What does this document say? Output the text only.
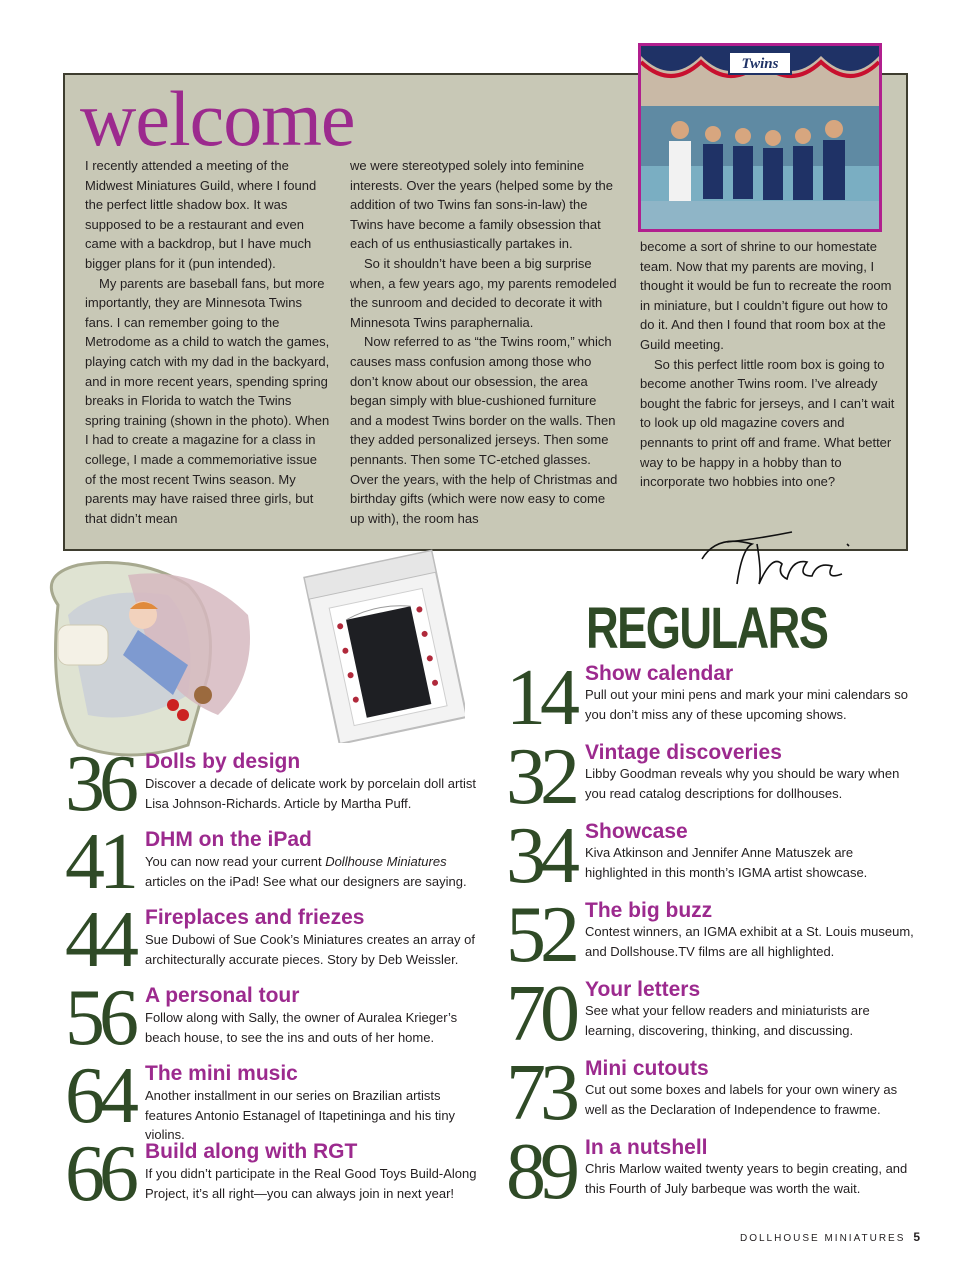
welcome

I recently attended a meeting of the Midwest Miniatures Guild, where I found the perfect little shadow box. It was supposed to be a restaurant and even came with a backdrop, but I have much bigger plans for it (pun intended).

My parents are baseball fans, but more importantly, they are Minnesota Twins fans. I can remember going to the Metrodome as a child to watch the games, playing catch with my dad in the backyard, and in more recent years, spending spring breaks in Florida to watch the Twins spring training (shown in the photo). When I had to create a magazine for a class in college, I made a commemoriative issue of the most recent Twins season. My parents may have raised three girls, but that didn’t mean

we were stereotyped solely into feminine interests. Over the years (helped some by the addition of two Twins fan sons-in-law) the Twins have become a family obsession that each of us enthusiastically partakes in.

So it shouldn’t have been a big surprise when, a few years ago, my parents remodeled the sunroom and decided to decorate it with Minnesota Twins paraphernalia.

Now referred to as “the Twins room,” which causes mass confusion among those who don’t know about our obsession, the area began simply with blue-cushioned furniture and a modest Twins border on the walls. Then they added personalized jerseys. Then some pennants. Then some TC-etched glasses. Over the years, with the help of Christmas and birthday gifts (which were now easy to come up with), the room has

become a sort of shrine to our homestate team. Now that my parents are moving, I thought it would be fun to recreate the room in miniature, but I couldn’t figure out how to do it. And then I found that room box at the Guild meeting.

So this perfect little room box is going to become another Twins room. I’ve already bought the fabric for jerseys, and I can’t wait to look up old magazine covers and pennants to print off and frame. What better way to be happy in a hobby than to incorporate two hobbies into one?

Twins
36 Dolls by design
Discover a decade of delicate work by porcelain doll artist Lisa Johnson-Richards. Article by Martha Puff.
41 DHM on the iPad
You can now read your current Dollhouse Miniatures articles on the iPad! See what our designers are saying.
44 Fireplaces and friezes
Sue Dubowi of Sue Cook’s Miniatures creates an array of architecturally accurate pieces. Story by Deb Weissler.
56 A personal tour
Follow along with Sally, the owner of Auralea Krieger’s beach house, to see the ins and outs of her home.
64 The mini music
Another installment in our series on Brazilian artists features Antonio Estanagel of Itapetininga and his tiny violins.
66 Build along with RGT
If you didn’t participate in the Real Good Toys Build-Along Project, it’s all right—you can always join in next year!
REGULARS
14 Show calendar
Pull out your mini pens and mark your mini calendars so you don’t miss any of these upcoming shows.
32 Vintage discoveries
Libby Goodman reveals why you should be wary when you read catalog descriptions for dollhouses.
34 Showcase
Kiva Atkinson and Jennifer Anne Matuszek are highlighted in this month’s IGMA artist showcase.
52 The big buzz
Contest winners, an IGMA exhibit at a St. Louis museum, and Dollshouse.TV films are all highlighted.
70 Your letters
See what your fellow readers and miniaturists are learning, discovering, thinking, and discussing.
73 Mini cutouts
Cut out some boxes and labels for your own winery as well as the Declaration of Independence to frawme.
89 In a nutshell
Chris Marlow waited twenty years to begin creating, and this Fourth of July barbeque was worth the wait.
DOLLHOUSE MINIATURES 5
